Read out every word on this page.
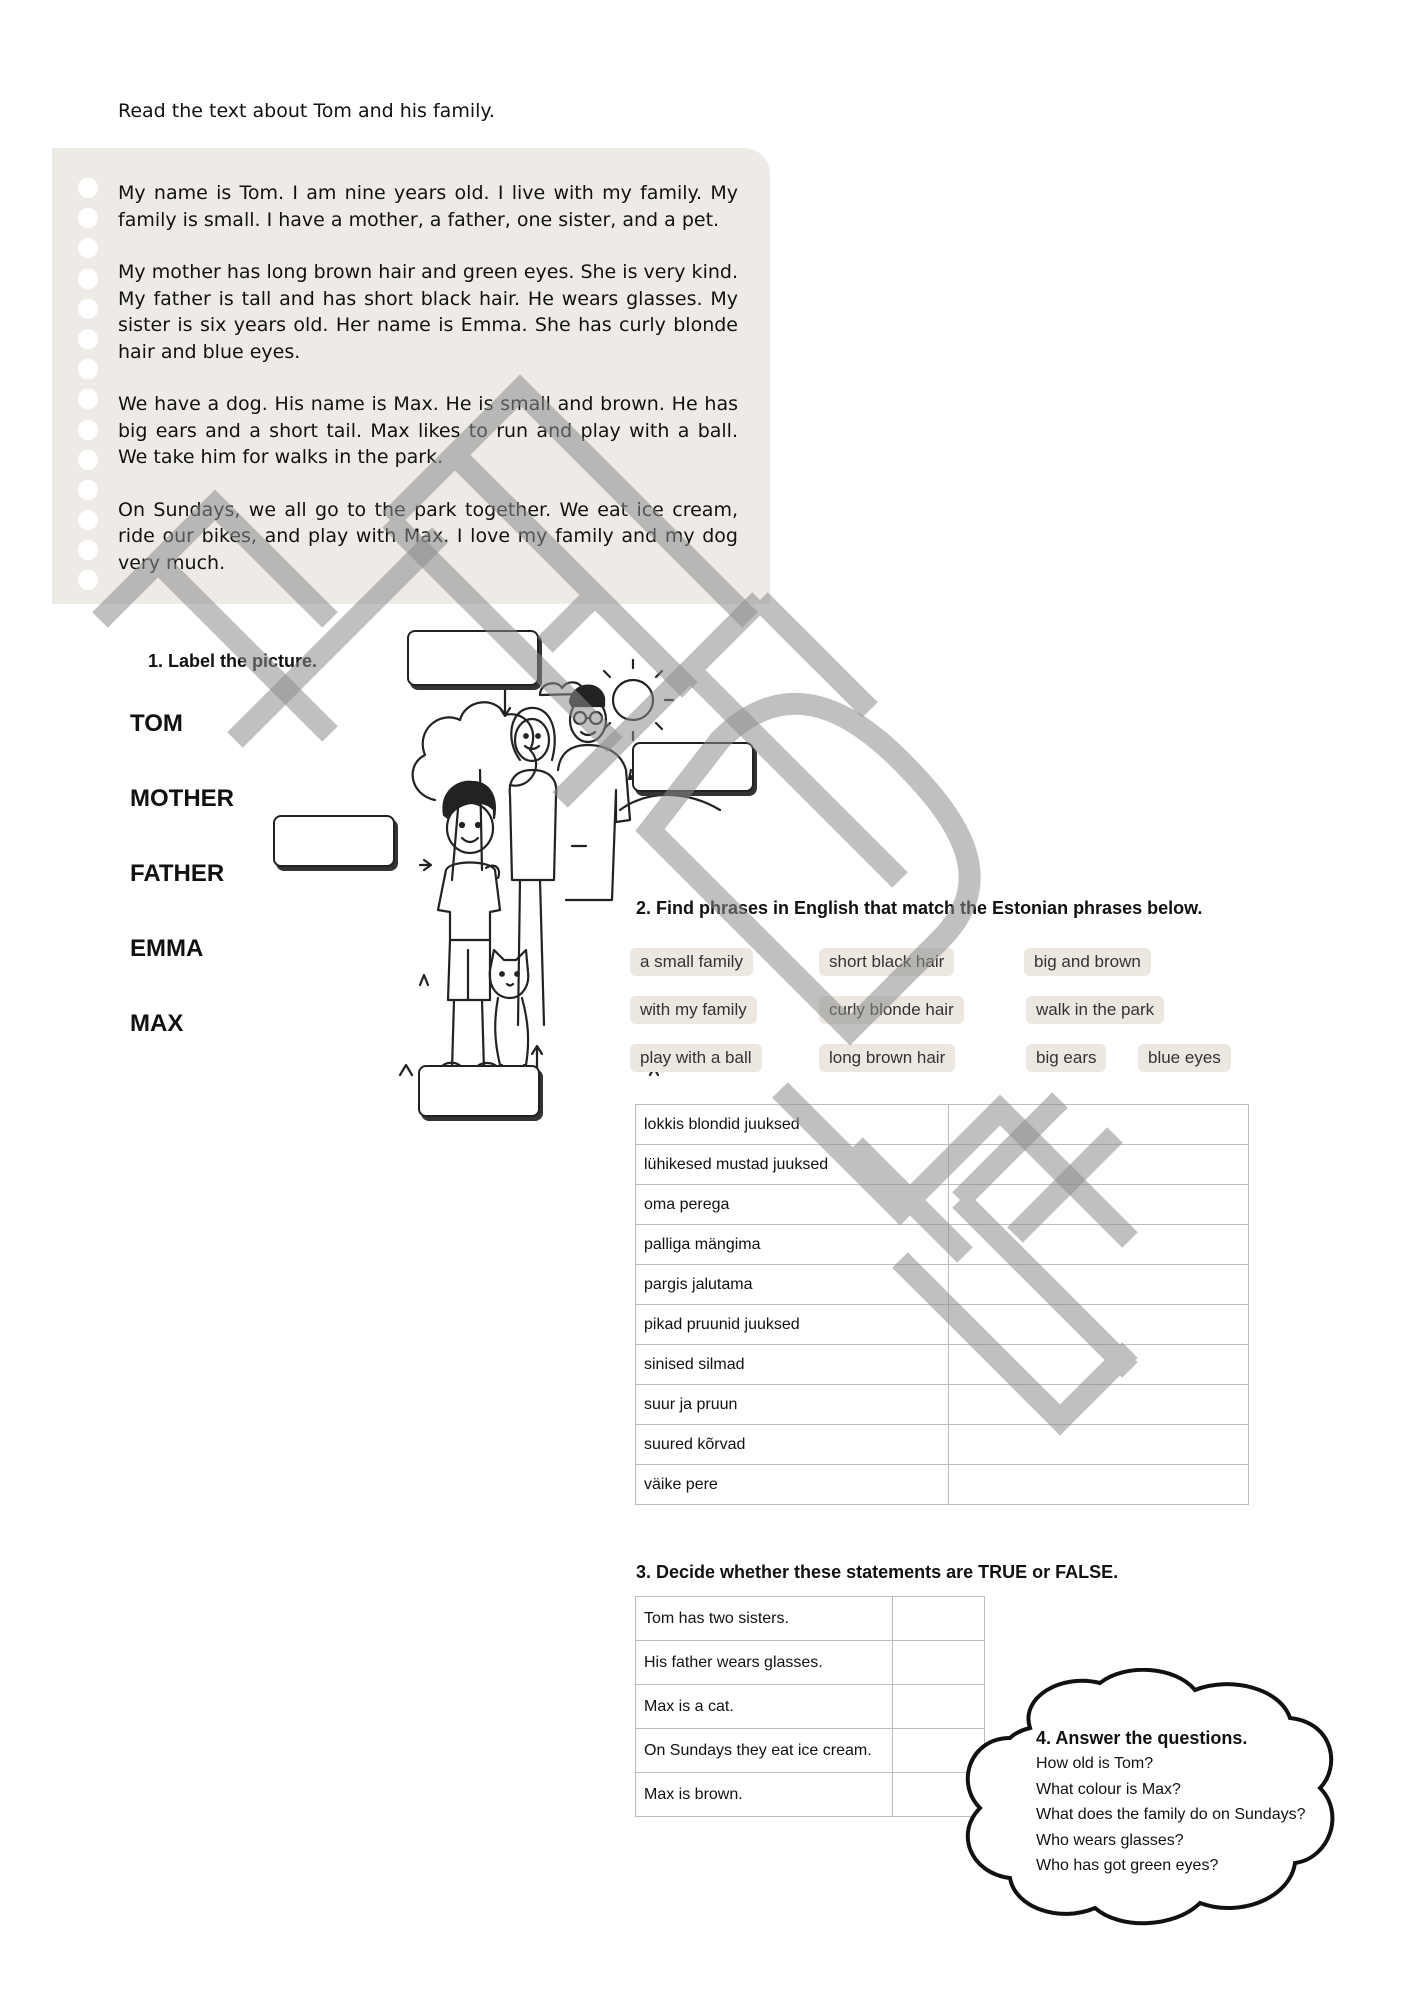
Read the text about Tom and his family.

My name is Tom. I am nine years old. I live with my family. My family is small. I have a mother, a father, one sister, and a pet.

My mother has long brown hair and green eyes. She is very kind. My father is tall and has short black hair. He wears glasses. My sister is six years old. Her name is Emma. She has curly blonde hair and blue eyes.

We have a dog. His name is Max. He is small and brown. He has big ears and a short tail. Max likes to run and play with a ball. We take him for walks in the park.

On Sundays, we all go to the park together. We eat ice cream, ride our bikes, and play with Max. I love my family and my dog very much.

1. Label the picture.
TOM
MOTHER
FATHER
EMMA
MAX
2. Find phrases in English that match the Estonian phrases below.
a small family	short black hair	big and brown
with my family	curly blonde hair	walk in the park
play with a ball	long brown hair	big ears	blue eyes
lokkis blondid juuksed	
lühikesed mustad juuksed	
oma perega	
palliga mängima	
pargis jalutama	
pikad pruunid juuksed	
sinised silmad	
suur ja pruun	
suured kõrvad	
väike pere	
3. Decide whether these statements are TRUE or FALSE.
Tom has two sisters.	
His father wears glasses.	
Max is a cat.	
On Sundays they eat ice cream.	
Max is brown.	
4. Answer the questions.
How old is Tom?
What colour is Max?
What does the family do on Sundays?
Who wears glasses?
Who has got green eyes?
